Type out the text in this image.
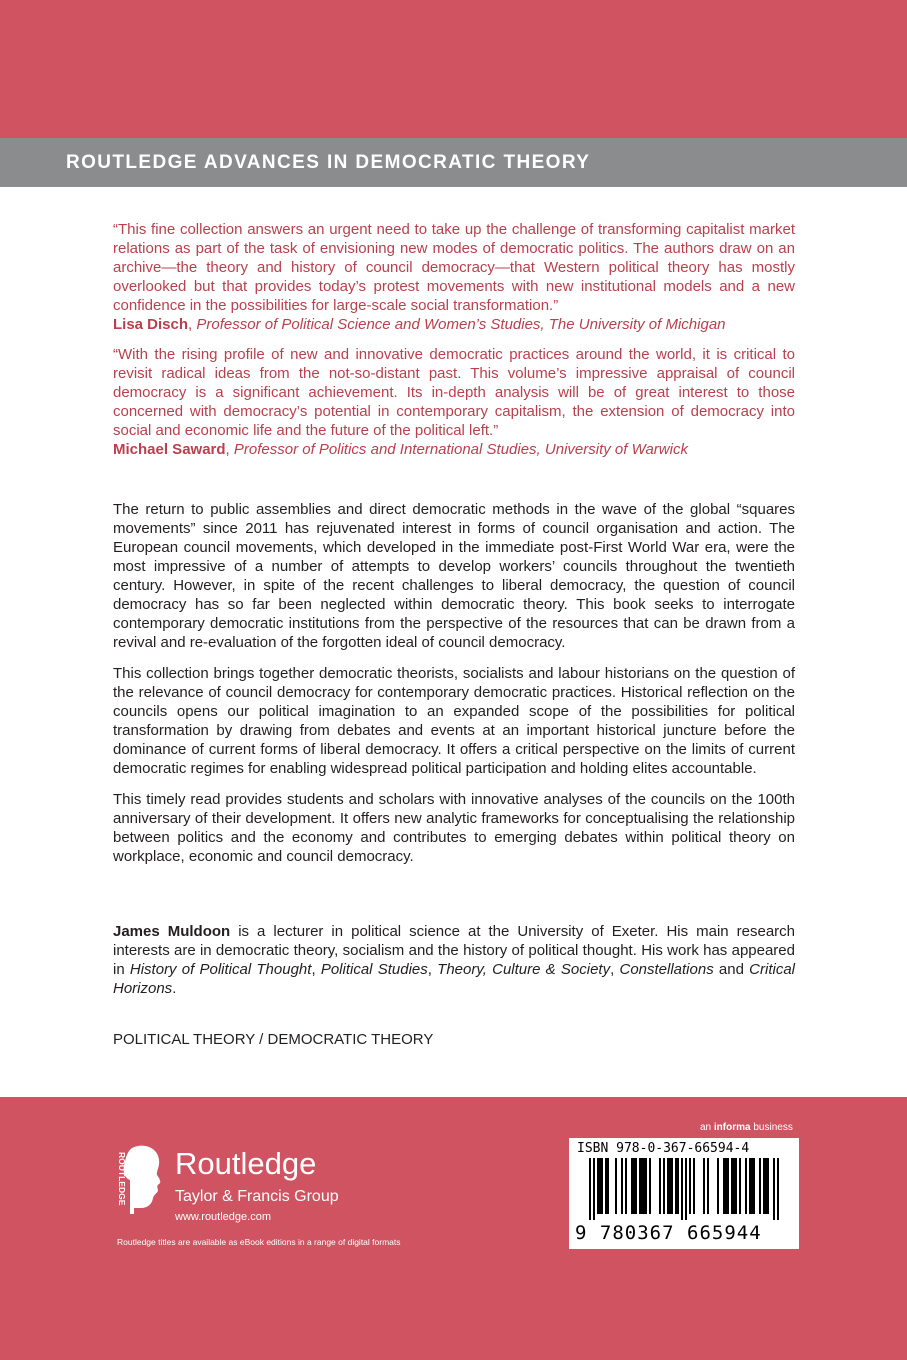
ROUTLEDGE ADVANCES IN DEMOCRATIC THEORY

“This fine collection answers an urgent need to take up the challenge of transforming capitalist market relations as part of the task of envisioning new modes of democratic politics. The authors draw on an archive—the theory and history of council democracy—that Western political theory has mostly overlooked but that provides today’s protest movements with new institutional models and a new confidence in the possibilities for large-scale social transformation.”

Lisa Disch, Professor of Political Science and Women’s Studies, The University of Michigan

“With the rising profile of new and innovative democratic practices around the world, it is critical to revisit radical ideas from the not-so-distant past. This volume’s impressive appraisal of council democracy is a significant achievement. Its in-depth analysis will be of great interest to those concerned with democracy’s potential in contemporary capitalism, the extension of democracy into social and economic life and the future of the political left.”

Michael Saward, Professor of Politics and International Studies, University of Warwick

The return to public assemblies and direct democratic methods in the wave of the global “squares movements” since 2011 has rejuvenated interest in forms of council organisation and action. The European council movements, which developed in the immediate post-First World War era, were the most impressive of a number of attempts to develop workers’ councils throughout the twentieth century. However, in spite of the recent challenges to liberal democracy, the question of council democracy has so far been neglected within democratic theory. This book seeks to interrogate contemporary democratic institutions from the perspective of the resources that can be drawn from a revival and re-evaluation of the forgotten ideal of council democracy.

This collection brings together democratic theorists, socialists and labour historians on the question of the relevance of council democracy for contemporary democratic practices. Historical reflection on the councils opens our political imagination to an expanded scope of the possibilities for political transformation by drawing from debates and events at an important historical juncture before the dominance of current forms of liberal democracy. It offers a critical perspective on the limits of current democratic regimes for enabling widespread political participation and holding elites accountable.

This timely read provides students and scholars with innovative analyses of the councils on the 100th anniversary of their development. It offers new analytic frameworks for conceptualising the relationship between politics and the economy and contributes to emerging debates within political theory on workplace, economic and council democracy.

James Muldoon is a lecturer in political science at the University of Exeter. His main research interests are in democratic theory, socialism and the history of political thought. His work has appeared in History of Political Thought, Political Studies, Theory, Culture & Society, Constellations and Critical Horizons.
POLITICAL THEORY / DEMOCRATIC THEORY
ROUTLEDGE Routledge
Taylor & Francis Group
www.routledge.com
Routledge titles are available as eBook editions in a range of digital formats
an informa business
ISBN 978-0-367-66594-4
9 780367 665944
